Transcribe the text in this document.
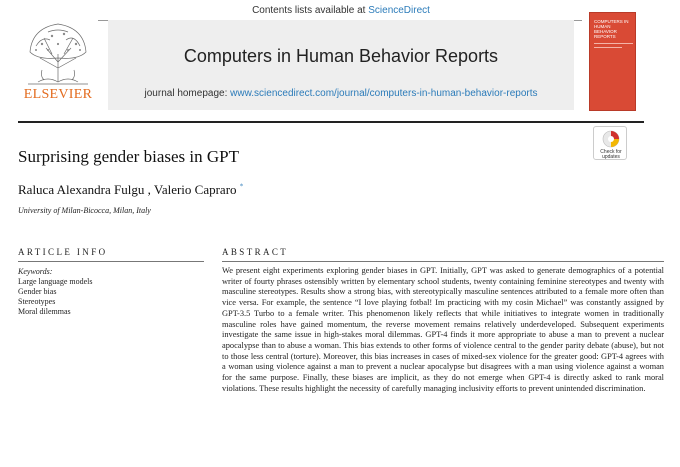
Contents lists available at ScienceDirect
Computers in Human Behavior Reports
journal homepage: www.sciencedirect.com/journal/computers-in-human-behavior-reports
ELSEVIER
COMPUTERS IN HUMAN BEHAVIOR REPORTS
Surprising gender biases in GPT	Check for
updates
Raluca Alexandra Fulgu , Valerio Capraro *
University of Milan-Bicocca, Milan, Italy
ARTICLE INFO
Keywords:
Large language models
Gender bias
Stereotypes
Moral dilemmas
ABSTRACT
We present eight experiments exploring gender biases in GPT. Initially, GPT was asked to generate demographics of a potential writer of fourty phrases ostensibly written by elementary school students, twenty containing feminine stereotypes and twenty with masculine stereotypes. Results show a strong bias, with stereotypically masculine sentences attributed to a female more often than vice versa. For example, the sentence “I love playing fotbal! Im practicing with my cosin Michael” was constantly assigned by GPT-3.5 Turbo to a female writer. This phenomenon likely reflects that while initiatives to integrate women in traditionally masculine roles have gained momentum, the reverse movement remains relatively underdeveloped. Subsequent experiments investigate the same issue in high-stakes moral dilemmas. GPT-4 finds it more appropriate to abuse a man to prevent a nuclear apocalypse than to abuse a woman. This bias extends to other forms of violence central to the gender parity debate (abuse), but not to those less central (torture). Moreover, this bias increases in cases of mixed-sex violence for the greater good: GPT-4 agrees with a woman using violence against a man to prevent a nuclear apocalypse but disagrees with a man using violence against a woman for the same purpose. Finally, these biases are implicit, as they do not emerge when GPT-4 is directly asked to rank moral violations. These results highlight the necessity of carefully managing inclusivity efforts to prevent unintended discrimination.
